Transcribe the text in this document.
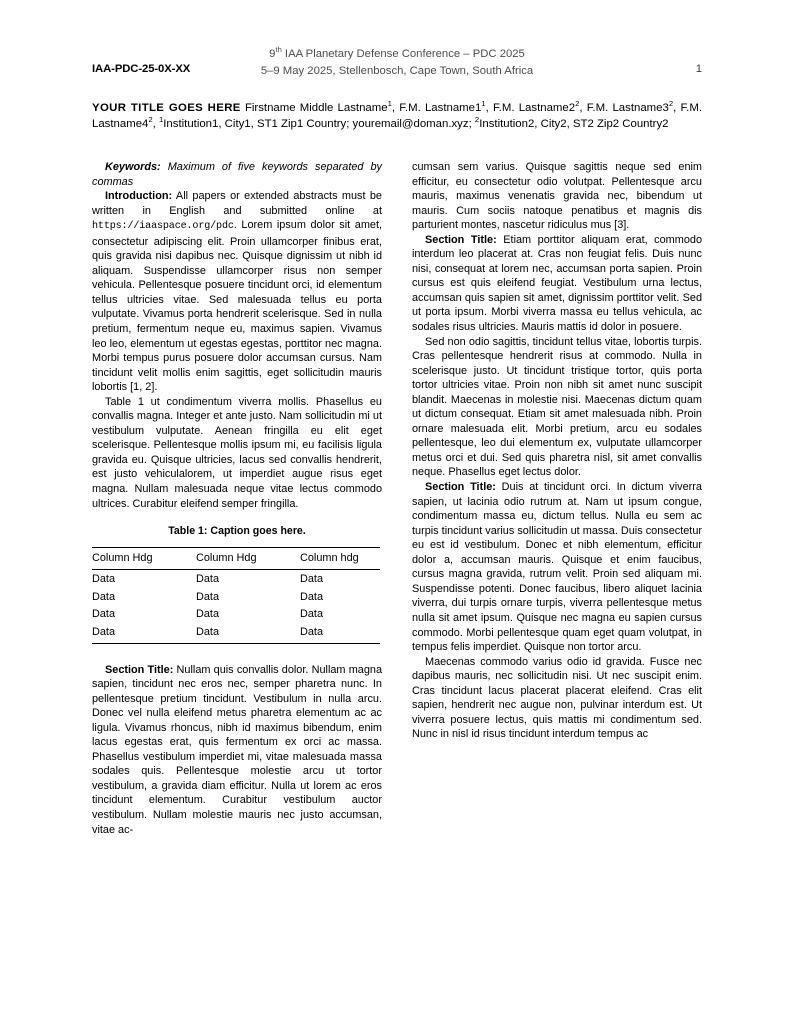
IAA-PDC-25-0X-XX
9th IAA Planetary Defense Conference – PDC 2025
5–9 May 2025, Stellenbosch, Cape Town, South Africa	1
YOUR TITLE GOES HERE Firstname Middle Lastname$^1$, F.M. $Lastname1^1$, F.M. $Lastname2^2$, F.M. $Lastname3^2$, F.M. $Lastname4^2$, $^1$Institution1, City1, ST1 Zip1 Country; youremail@doman.xyz; $^2$Institution2, City2, ST2 Zip2 Country2

Keywords: Maximum of five keywords separated by commas

Introduction: All papers or extended abstracts must be written in English and submitted online at https://iaaspace.org/pdc. Lorem ipsum dolor sit amet, consectetur adipiscing elit. Proin ullamcorper finibus erat, quis gravida nisi dapibus nec. Quisque dignissim ut nibh id aliquam. Suspendisse ullamcorper risus non semper vehicula. Pellentesque posuere tincidunt orci, id elementum tellus ultricies vitae. Sed malesuada tellus eu porta vulputate. Vivamus porta hendrerit scelerisque. Sed in nulla pretium, fermentum neque eu, maximus sapien. Vivamus leo leo, elementum ut egestas egestas, porttitor nec magna. Morbi tempus purus posuere dolor accumsan cursus. Nam tincidunt velit mollis enim sagittis, eget sollicitudin mauris lobortis [1, 2].

Table 1 ut condimentum viverra mollis. Phasellus eu convallis magna. Integer et ante justo. Nam sollicitudin mi ut vestibulum vulputate. Aenean fringilla eu elit eget scelerisque. Pellentesque mollis ipsum mi, eu facilisis ligula gravida eu. Quisque ultricies, lacus sed convallis hendrerit, est justo vehiculalorem, ut imperdiet augue risus eget magna. Nullam malesuada neque vitae lectus commodo ultrices. Curabitur eleifend semper fringilla.

Table 1: Caption goes here.
Column Hdg	Column Hdg	Column hdg
Data	Data	Data
Data	Data	Data
Data	Data	Data
Data	Data	Data

Section Title: Nullam quis convallis dolor. Nullam magna sapien, tincidunt nec eros nec, semper pharetra nunc. In pellentesque pretium tincidunt. Vestibulum in nulla arcu. Donec vel nulla eleifend metus pharetra elementum ac ac ligula. Vivamus rhoncus, nibh id maximus bibendum, enim lacus egestas erat, quis fermentum ex orci ac massa. Phasellus vestibulum imperdiet mi, vitae malesuada massa sodales quis. Pellentesque molestie arcu ut tortor vestibulum, a gravida diam efficitur. Nulla ut lorem ac eros tincidunt elementum. Curabitur vestibulum auctor vestibulum. Nullam molestie mauris nec justo accumsan, vitae ac-

cumsan sem varius. Quisque sagittis neque sed enim efficitur, eu consectetur odio volutpat. Pellentesque arcu mauris, maximus venenatis gravida nec, bibendum ut mauris. Cum sociis natoque penatibus et magnis dis parturient montes, nascetur ridiculus mus [3].

Section Title: Etiam porttitor aliquam erat, commodo interdum leo placerat at. Cras non feugiat felis. Duis nunc nisi, consequat at lorem nec, accumsan porta sapien. Proin cursus est quis eleifend feugiat. Vestibulum urna lectus, accumsan quis sapien sit amet, dignissim porttitor velit. Sed ut porta ipsum. Morbi viverra massa eu tellus vehicula, ac sodales risus ultricies. Mauris mattis id dolor in posuere.

Sed non odio sagittis, tincidunt tellus vitae, lobortis turpis. Cras pellentesque hendrerit risus at commodo. Nulla in scelerisque justo. Ut tincidunt tristique tortor, quis porta tortor ultricies vitae. Proin non nibh sit amet nunc suscipit blandit. Maecenas in molestie nisi. Maecenas dictum quam ut dictum consequat. Etiam sit amet malesuada nibh. Proin ornare malesuada elit. Morbi pretium, arcu eu sodales pellentesque, leo dui elementum ex, vulputate ullamcorper metus orci et dui. Sed quis pharetra nisl, sit amet convallis neque. Phasellus eget lectus dolor.

Section Title: Duis at tincidunt orci. In dictum viverra sapien, ut lacinia odio rutrum at. Nam ut ipsum congue, condimentum massa eu, dictum tellus. Nulla eu sem ac turpis tincidunt varius sollicitudin ut massa. Duis consectetur eu est id vestibulum. Donec et nibh elementum, efficitur dolor a, accumsan mauris. Quisque et enim faucibus, cursus magna gravida, rutrum velit. Proin sed aliquam mi. Suspendisse potenti. Donec faucibus, libero aliquet lacinia viverra, dui turpis ornare turpis, viverra pellentesque metus nulla sit amet ipsum. Quisque nec magna eu sapien cursus commodo. Morbi pellentesque quam eget quam volutpat, in tempus felis imperdiet. Quisque non tortor arcu.

Maecenas commodo varius odio id gravida. Fusce nec dapibus mauris, nec sollicitudin nisi. Ut nec suscipit enim. Cras tincidunt lacus placerat placerat eleifend. Cras elit sapien, hendrerit nec augue non, pulvinar interdum est. Ut viverra posuere lectus, quis mattis mi condimentum sed. Nunc in nisl id risus tincidunt interdum tempus ac
